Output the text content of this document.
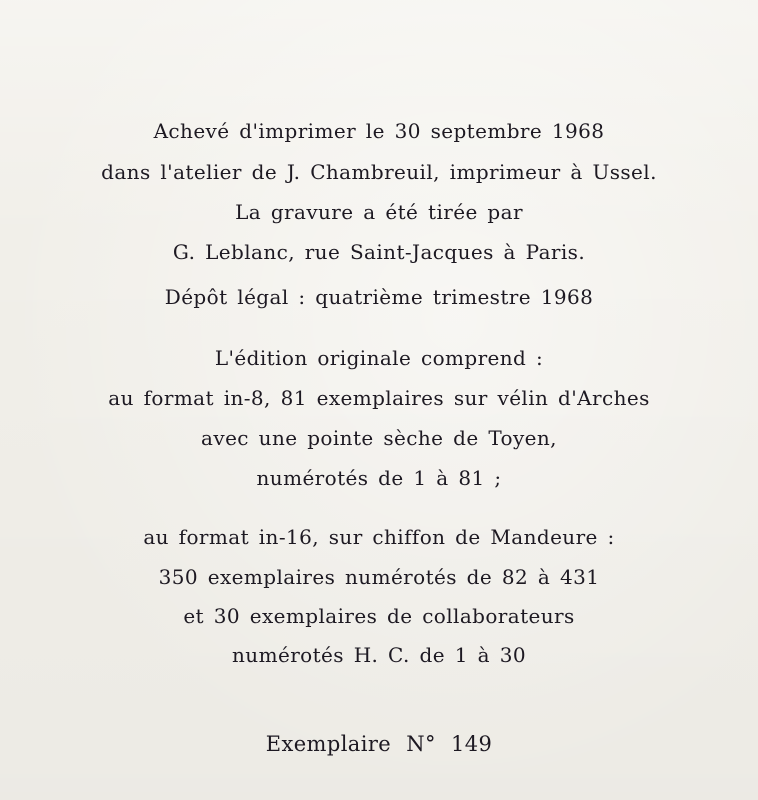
Achevé d'imprimer le 30 septembre 1968
dans l'atelier de J. Chambreuil, imprimeur à Ussel.
La gravure a été tirée par
G. Leblanc, rue Saint-Jacques à Paris.
Dépôt légal : quatrième trimestre 1968
L'édition originale comprend :
au format in-8, 81 exemplaires sur vélin d'Arches
avec une pointe sèche de Toyen,
numérotés de 1 à 81 ;
au format in-16, sur chiffon de Mandeure :
350 exemplaires numérotés de 82 à 431
et 30 exemplaires de collaborateurs
numérotés H. C. de 1 à 30
Exemplaire N° 149
